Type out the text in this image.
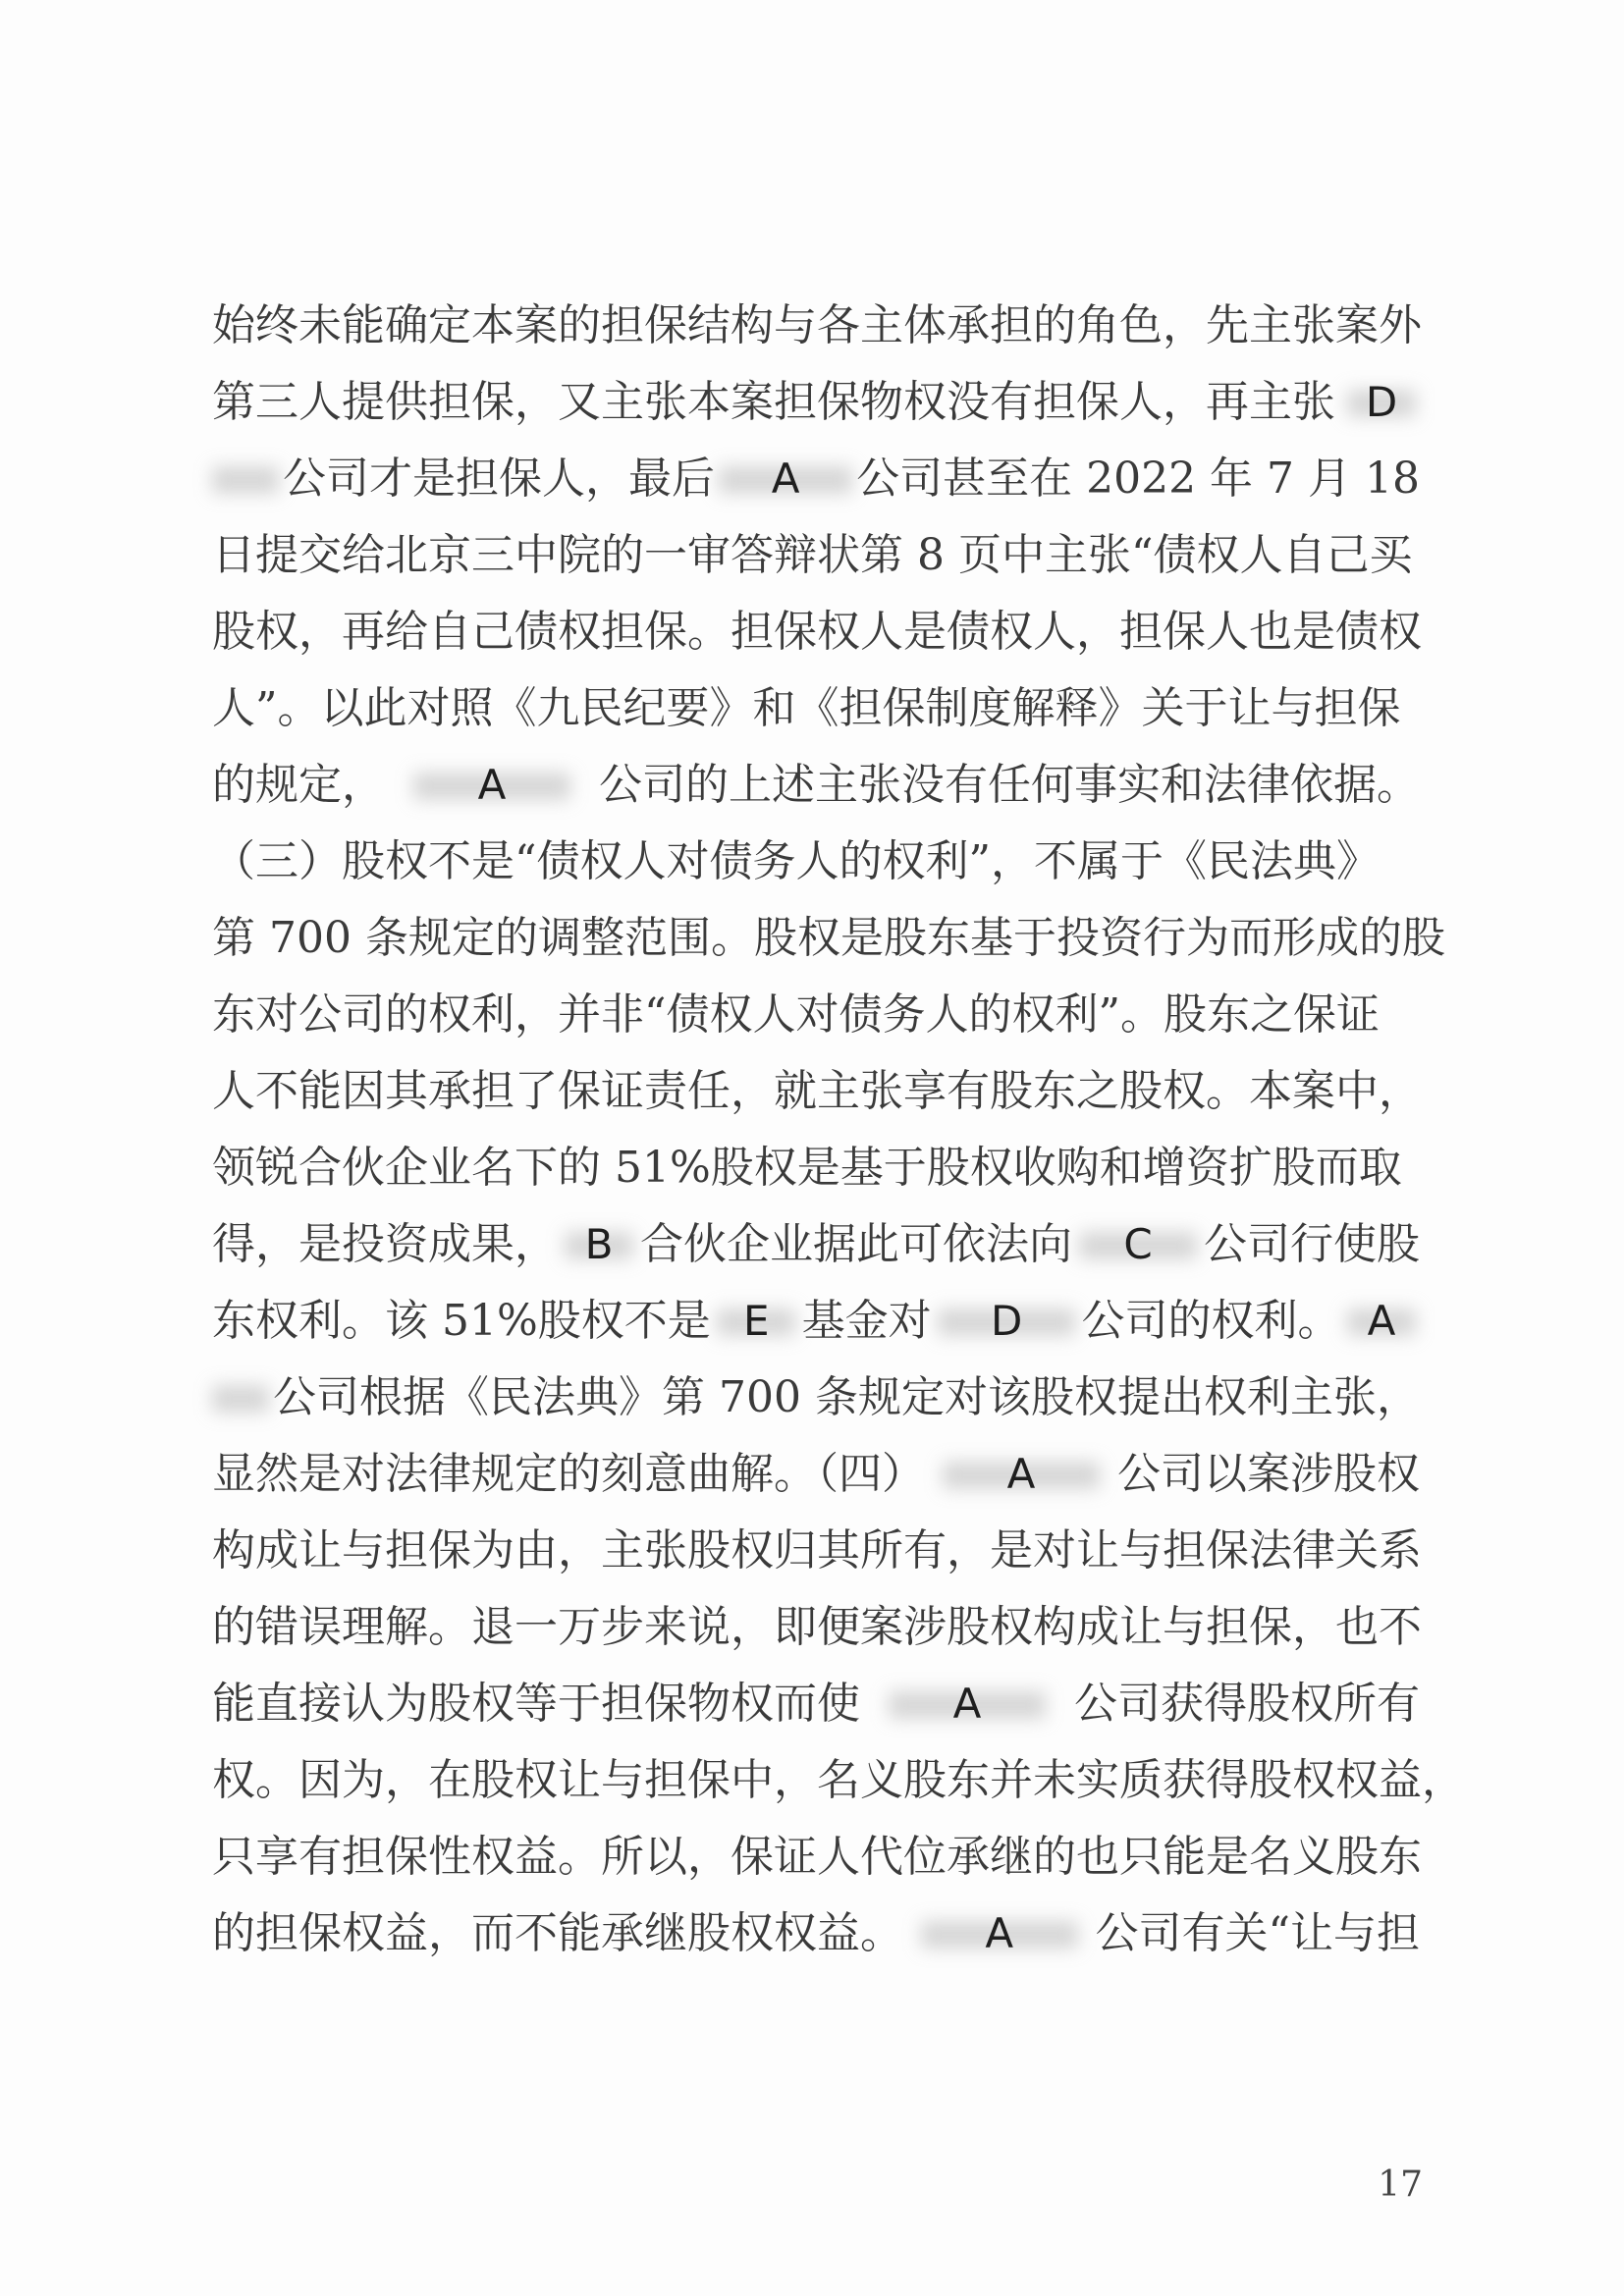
始终未能确定本案的担保结构与各主体承担的角色，先主张案外
第三人提供担保，又主张本案担保物权没有担保人，再主张 D
公司才是担保人，最后 A 公司甚至在 2022 年 7 月 18
日提交给北京三中院的一审答辩状第 8 页中主张“债权人自己买
股权，再给自己债权担保。担保权人是债权人，担保人也是债权
人”。以此对照《九民纪要》和《担保制度解释》关于让与担保
的规定， A 公司的上述主张没有任何事实和法律依据。
（三）股权不是“债权人对债务人的权利”，不属于《民法典》
第 700 条规定的调整范围。股权是股东基于投资行为而形成的股
东对公司的权利，并非“债权人对债务人的权利”。股东之保证
人不能因其承担了保证责任，就主张享有股东之股权。本案中，
领锐合伙企业名下的 51%股权是基于股权收购和增资扩股而取
得，是投资成果， B 合伙企业据此可依法向 C 公司行使股
东权利。该 51%股权不是 E 基金对 D 公司的权利。 A
公司根据《民法典》第 700 条规定对该股权提出权利主张，
显然是对法律规定的刻意曲解。（四） A 公司以案涉股权
构成让与担保为由，主张股权归其所有，是对让与担保法律关系
的错误理解。退一万步来说，即便案涉股权构成让与担保，也不
能直接认为股权等于担保物权而使 A 公司获得股权所有
权。因为，在股权让与担保中，名义股东并未实质获得股权权益，
只享有担保性权益。所以，保证人代位承继的也只能是名义股东
的担保权益，而不能承继股权权益。 A 公司有关“让与担
17
